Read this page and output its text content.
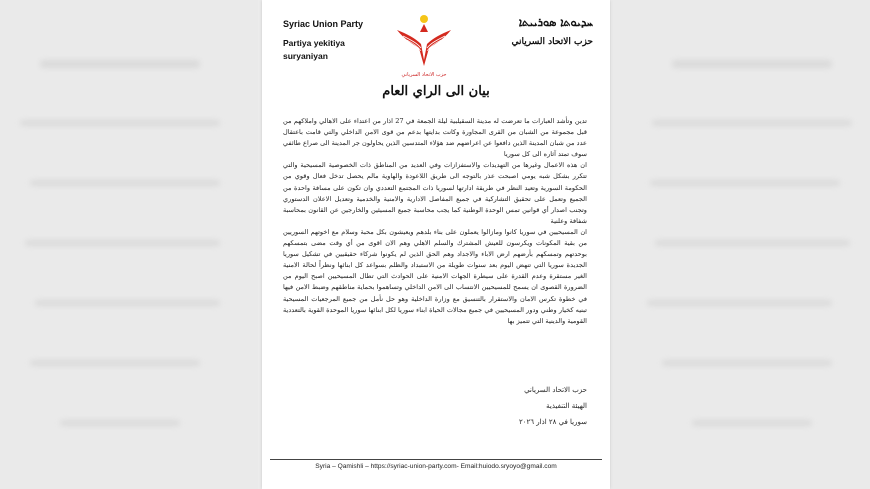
Syriac Union Party
Partiya yekitiya suryaniyan
حزب الاتحاد السرياني
ܚܕܝܘܬܐ ܣܘܪܝܝܬܐ
حزب الاتحاد السرياني
بيان الى الراي العام

تدين وتأشد العبارات ما تعرضت له مدينة السقيلبية ليلة الجمعة في 27 اذار من اعتداء على الاهالي واملاكهم من قبل مجموعة من الشبان من القرى المجاورة وكانت بدايتها بدعم من قوى الامن الداخلي والتي قامت باعتقال عدد من شبان المدينة الذين دافعوا عن اعراضهم ضد هؤلاء المتدسين الذين يحاولون جر المدينة الى صراع طائفي سوف تمتد آثاره الى كل سوريا

ان هذه الاعمال وغيرها من التهديدات والاستفزازات وفي العديد من المناطق ذات الخصوصية المسيحية والتي تتكرر بشكل شبه يومي اصبحت عذر بالتوجه الى طريق اللاعودة والهاوية مالم يحصل تدخل فعال وقوي من الحكومة السورية وتعيد النظر في طريقة ادارتها لسوريا ذات المجتمع التعددي وان تكون على مسافة واحدة من الجميع وتعمل على تحقيق التشاركية في جميع المفاصل الادارية والامنية والخدمية وتعديل الاعلان الدستوري وتجنب اصدار أي قوانين تمس الوحدة الوطنية كما يجب محاسبة جميع المسيئين والخارجين عن القانون بمحاسبة شفافة وعلنية

ان المسيحيين في سوريا كانوا ومازالوا يعملون على بناء بلدهم ويعيشون بكل محبة وسلام مع اخوتهم السوريين من بقية المكونات ويكرسون للعيش المشترك والسلم الاهلي وهم الان اقوى من أي وقت مضى بتمسكهم بوحدتهم وتمسكهم بأرضهم ارض الاباء والاجداد وهم الحق الذين لم يكونوا شركاء حقيقيين في تشكيل سوريا الجديدة سوريا التي تنهض اليوم بعد سنوات طويلة من الاستبداد والظلم بسواعد كل ابنائها ونظراً لحالة الامنية الغير مستقرة وعدم القدرة على سيطرة الجهات الامنية على الحوادث التي تطال المسيحيين اصبح اليوم من الضرورة القصوى ان يسمح للمسيحيين الانتساب الى الامن الداخلي وتساهموا بحماية مناطقهم وضبط الامن فيها في خطوة تكرس الامان والاستقرار بالتنسيق مع وزارة الداخلية وهو حل نأمل من جميع المرجعيات المسيحية تبنيه كخيار وطني ودور المسيحيين في جميع مجالات الحياة ابناء سوريا لكل ابنائها سوريا الموحدة القوية بالتعددية القومية والدينية التي تتميز بها

حزب الاتحاد السرياني
الهيئة التنفيذية
سوريا في ٢٨ اذار ٢٠٢٦
Syria – Qamishli – https://syriac-union-party.com- Email:huiodo.sryoyo@gmail.com
